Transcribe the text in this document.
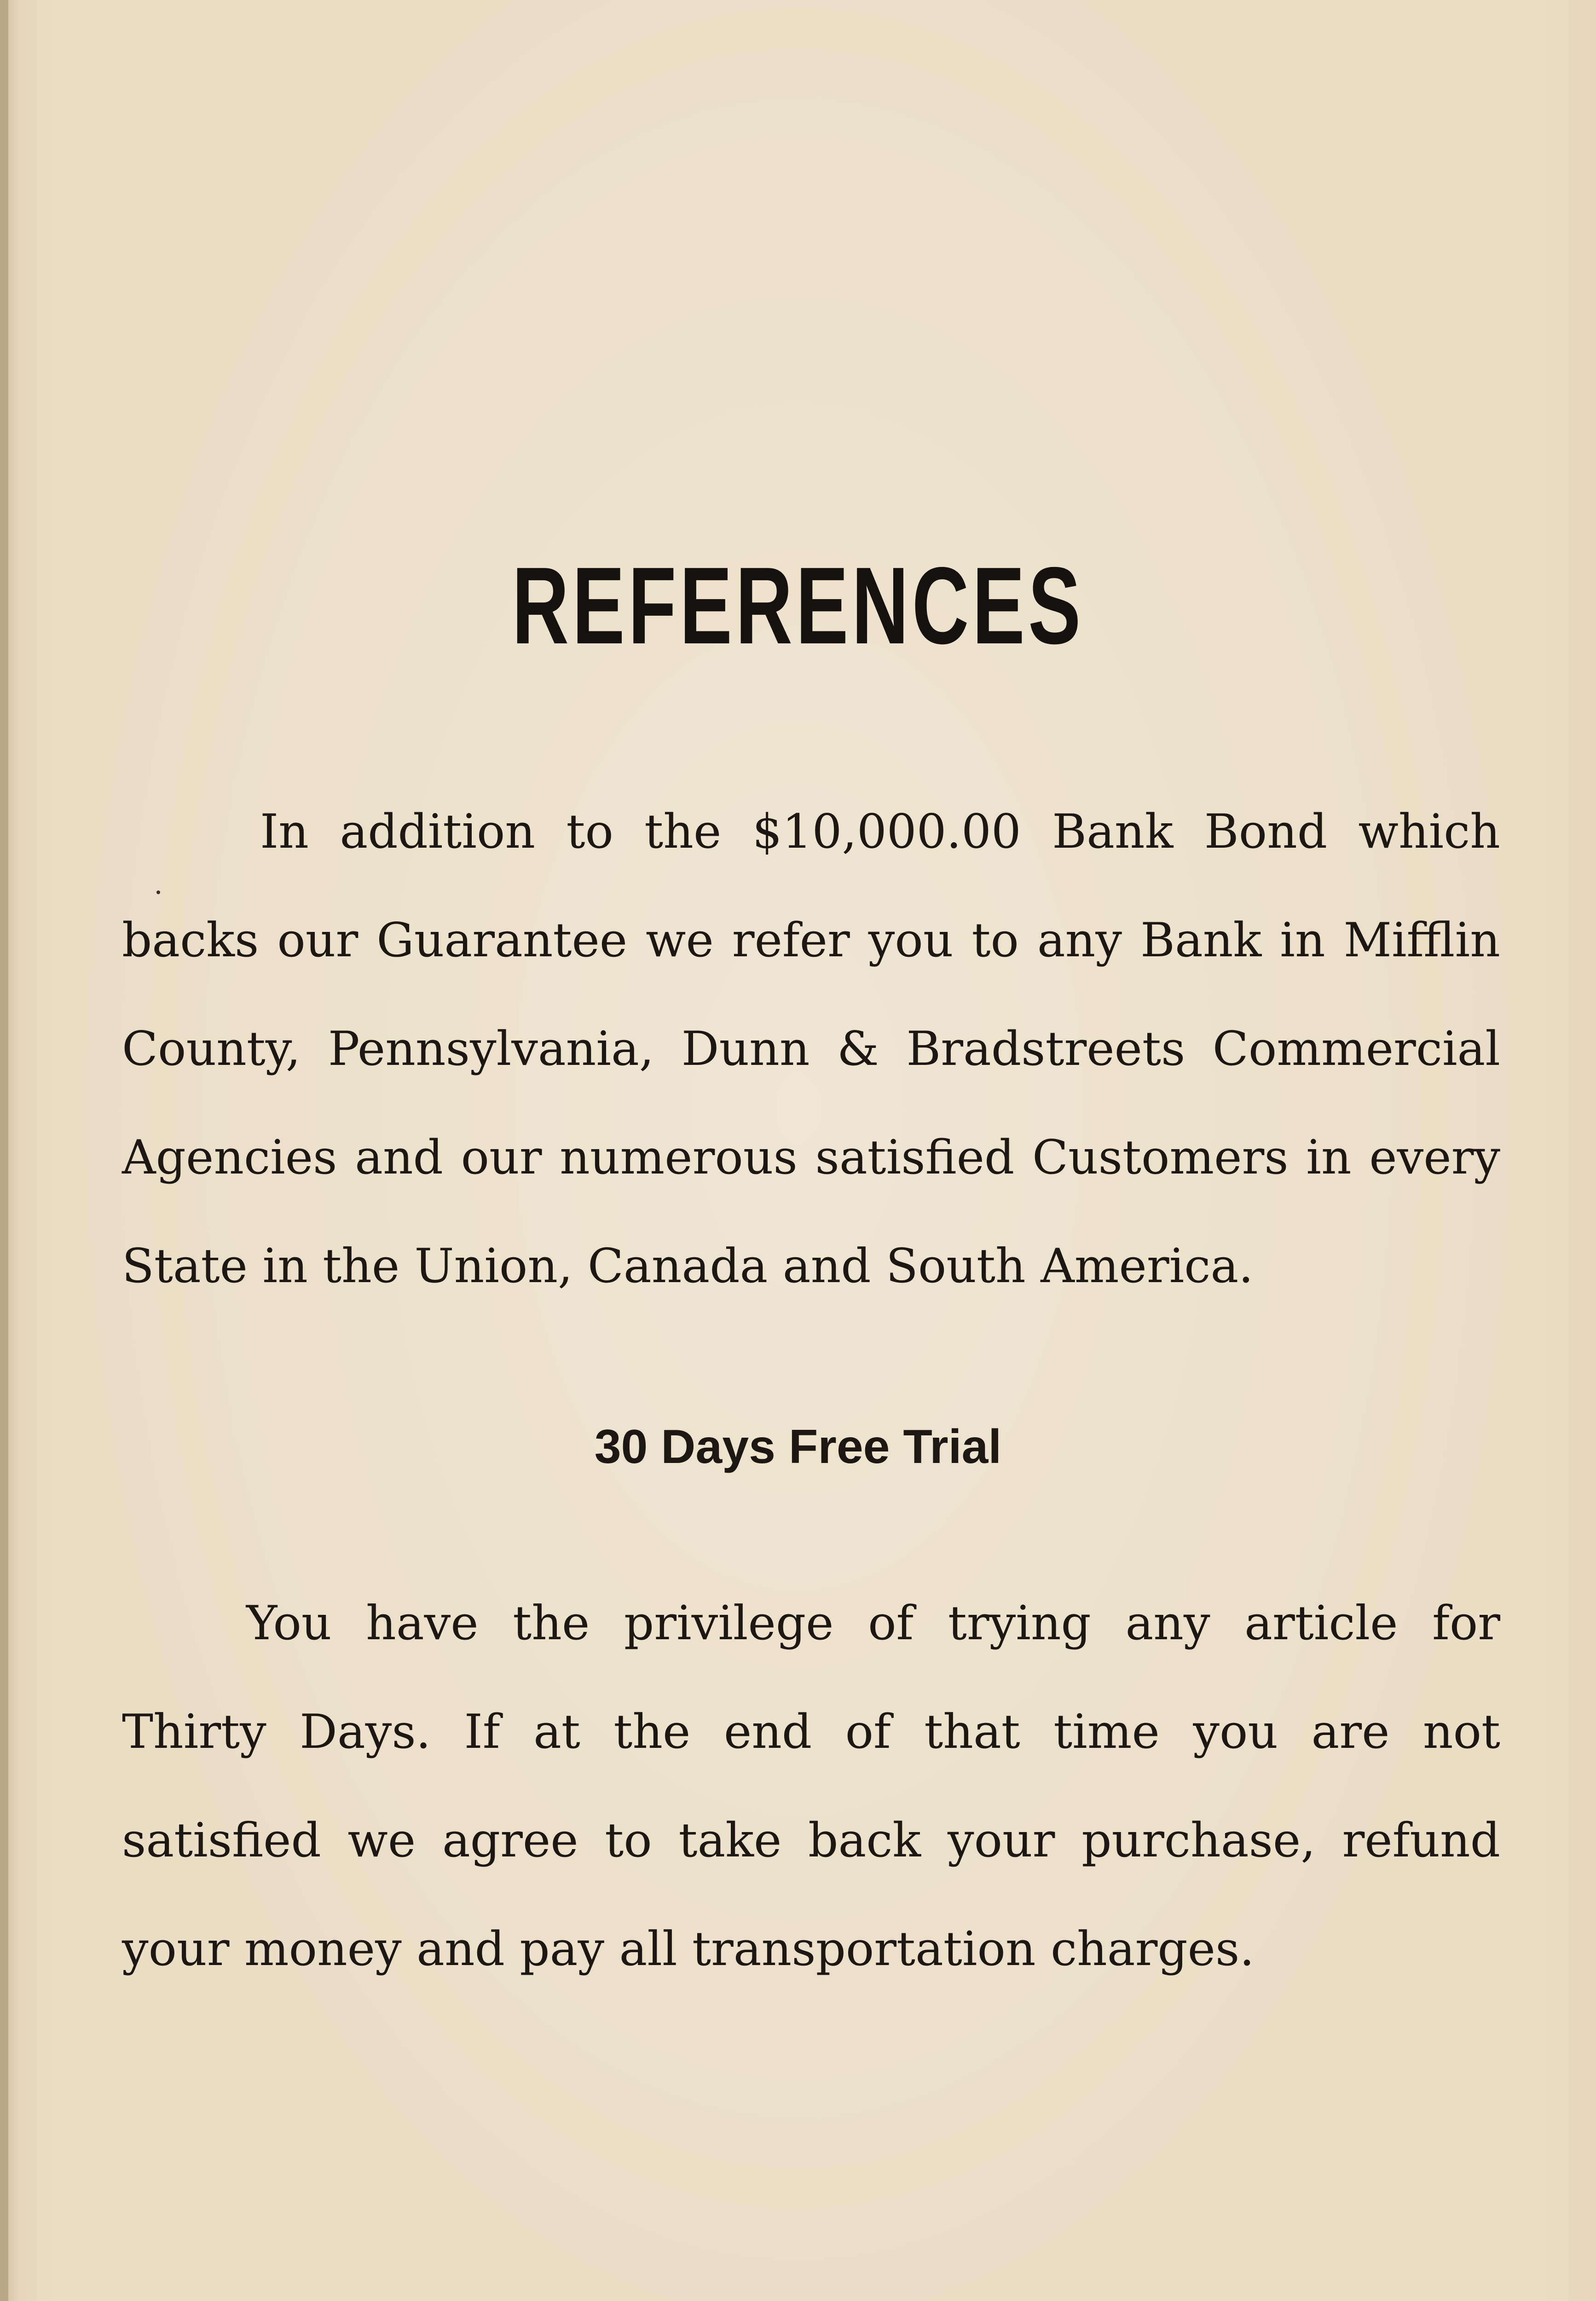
REFERENCES

In addition to the $10,000.00 Bank Bond which backs our Guarantee we refer you to any Bank in Mifflin County, Pennsylvania, Dunn & Bradstreets Commercial Agencies and our numerous satisfied Customers in every State in the Union, Canada and South America.

30 Days Free Trial

You have the privilege of trying any article for Thirty Days. If at the end of that time you are not satisfied we agree to take back your purchase, refund your money and pay all transportation charges.
